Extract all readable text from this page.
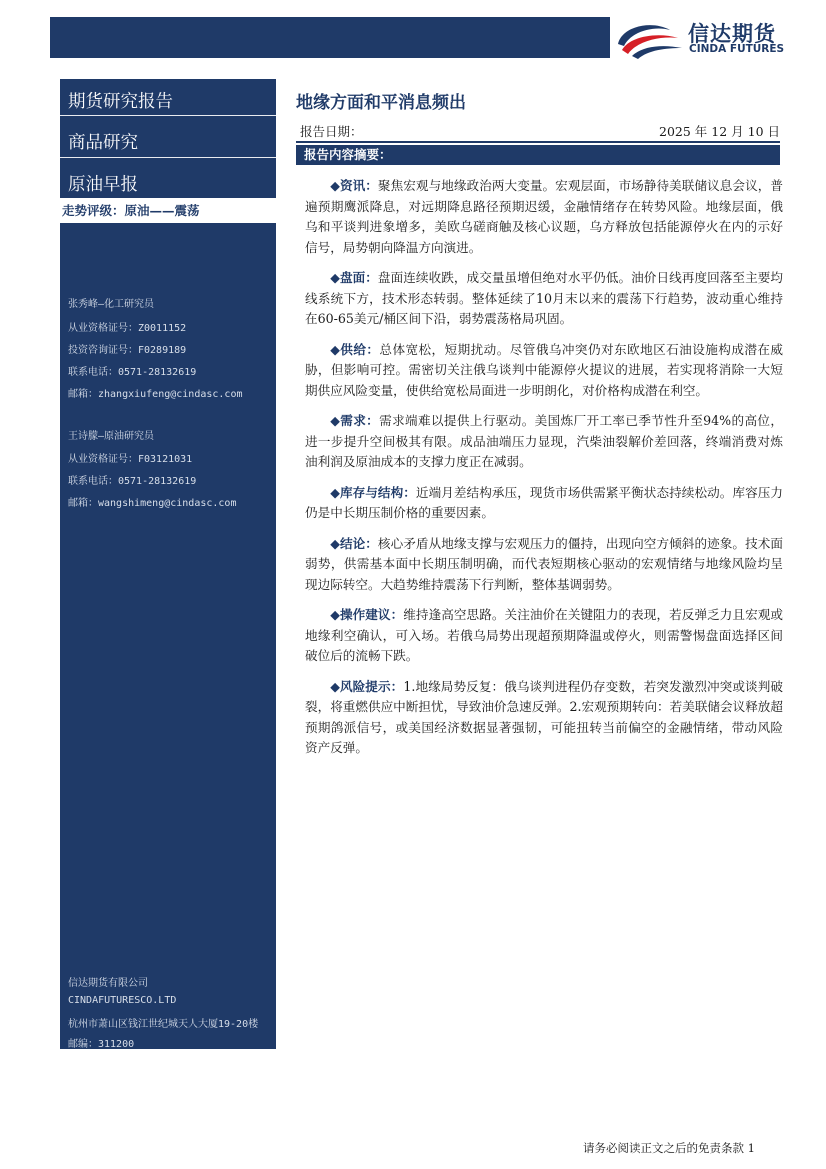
信达期货
CINDA FUTURES
期货研究报告
商品研究
原油早报
走势评级：原油——震荡
张秀峰—化工研究员
从业资格证号：Z0011152
投资咨询证号：F0289189
联系电话：0571-28132619
邮箱：zhangxiufeng@cindasc.com
王诗朦—原油研究员
从业资格证号：F03121031
联系电话：0571-28132619
邮箱：wangshimeng@cindasc.com
信达期货有限公司
CINDAFUTURESCO.LTD
杭州市萧山区钱江世纪城天人大厦19-20楼
邮编：311200
地缘方面和平消息频出
报告日期：	2025 年 12 月 10 日
报告内容摘要：

◆资讯：聚焦宏观与地缘政治两大变量。宏观层面，市场静待美联储议息会议，普遍预期鹰派降息，对远期降息路径预期迟缓，金融情绪存在转势风险。地缘层面，俄乌和平谈判进象增多，美欧乌磋商触及核心议题，乌方释放包括能源停火在内的示好信号，局势朝向降温方向演进。

◆盘面：盘面连续收跌，成交量虽增但绝对水平仍低。油价日线再度回落至主要均线系统下方，技术形态转弱。整体延续了10月末以来的震荡下行趋势，波动重心维持在60-65美元/桶区间下沿，弱势震荡格局巩固。

◆供给：总体宽松，短期扰动。尽管俄乌冲突仍对东欧地区石油设施构成潜在威胁，但影响可控。需密切关注俄乌谈判中能源停火提议的进展，若实现将消除一大短期供应风险变量，使供给宽松局面进一步明朗化，对价格构成潜在利空。

◆需求：需求端难以提供上行驱动。美国炼厂开工率已季节性升至94%的高位，进一步提升空间极其有限。成品油端压力显现，汽柴油裂解价差回落，终端消费对炼油利润及原油成本的支撑力度正在减弱。

◆库存与结构：近端月差结构承压，现货市场供需紧平衡状态持续松动。库容压力仍是中长期压制价格的重要因素。

◆结论：核心矛盾从地缘支撑与宏观压力的僵持，出现向空方倾斜的迹象。技术面弱势，供需基本面中长期压制明确，而代表短期核心驱动的宏观情绪与地缘风险均呈现边际转空。大趋势维持震荡下行判断，整体基调弱势。

◆操作建议：维持逢高空思路。关注油价在关键阻力的表现，若反弹乏力且宏观或地缘利空确认，可入场。若俄乌局势出现超预期降温或停火，则需警惕盘面选择区间破位后的流畅下跌。

◆风险提示：1.地缘局势反复：俄乌谈判进程仍存变数，若突发激烈冲突或谈判破裂，将重燃供应中断担忧，导致油价急速反弹。2.宏观预期转向：若美联储会议释放超预期鸽派信号，或美国经济数据显著强韧，可能扭转当前偏空的金融情绪，带动风险资产反弹。

请务必阅读正文之后的免责条款 1
